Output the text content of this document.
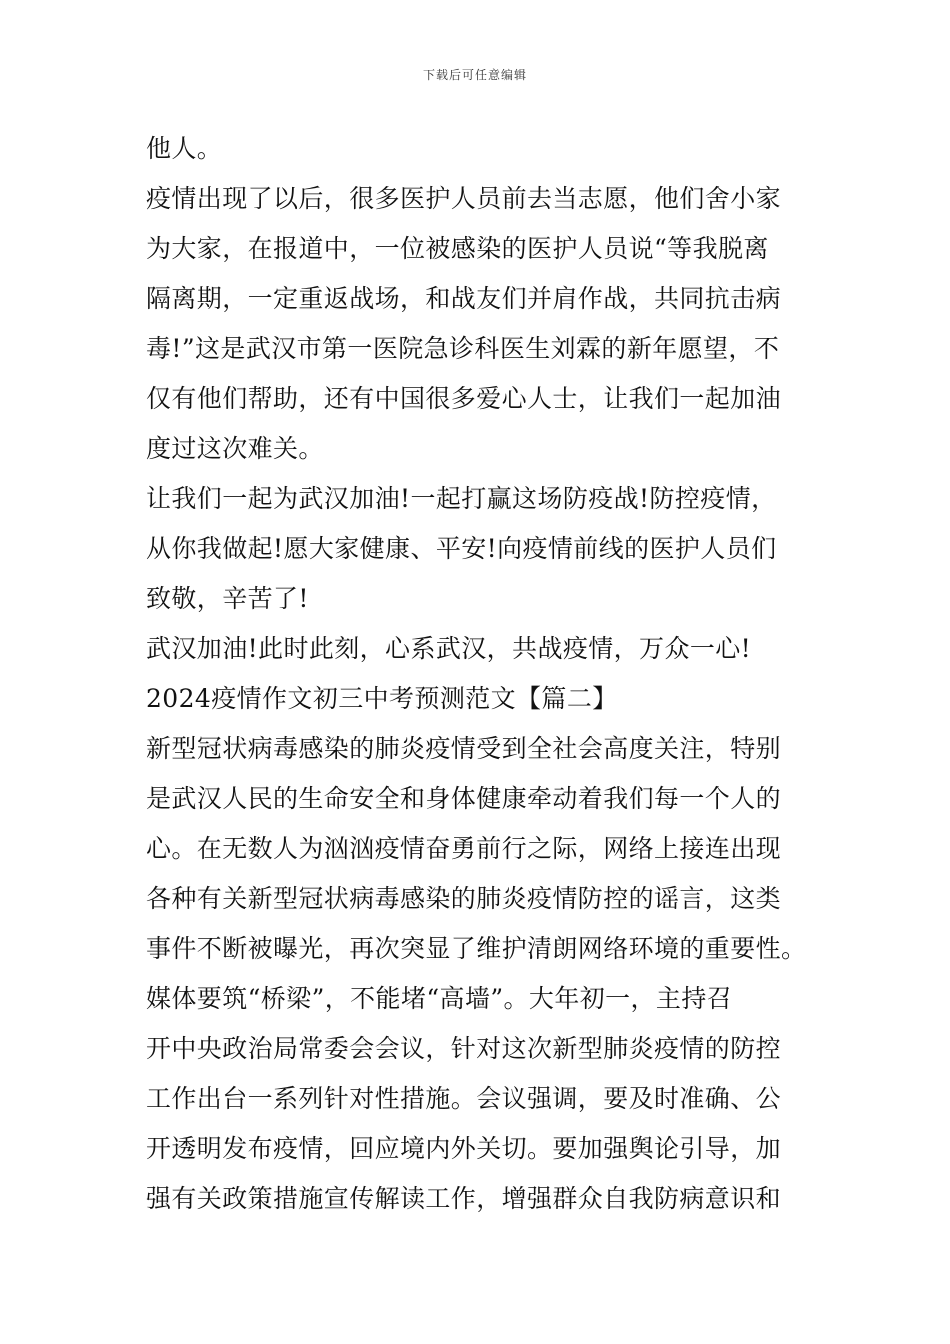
下载后可任意编辑
他人。
疫情出现了以后，很多医护人员前去当志愿，他们舍小家
为大家，在报道中，一位被感染的医护人员说“等我脱离
隔离期，一定重返战场，和战友们并肩作战，共同抗击病
毒!”这是武汉市第一医院急诊科医生刘霖的新年愿望，不
仅有他们帮助，还有中国很多爱心人士，让我们一起加油
度过这次难关。
让我们一起为武汉加油!一起打赢这场防疫战!防控疫情，
从你我做起!愿大家健康、平安!向疫情前线的医护人员们
致敬，辛苦了!
武汉加油!此时此刻，心系武汉，共战疫情，万众一心!
2024疫情作文初三中考预测范文【篇二】
新型冠状病毒感染的肺炎疫情受到全社会高度关注，特别
是武汉人民的生命安全和身体健康牵动着我们每一个人的
心。在无数人为汹汹疫情奋勇前行之际，网络上接连出现
各种有关新型冠状病毒感染的肺炎疫情防控的谣言，这类
事件不断被曝光，再次突显了维护清朗网络环境的重要性。
媒体要筑“桥梁”，不能堵“高墙”。大年初一，主持召
开中央政治局常委会会议，针对这次新型肺炎疫情的防控
工作出台一系列针对性措施。会议强调，要及时准确、公
开透明发布疫情，回应境内外关切。要加强舆论引导，加
强有关政策措施宣传解读工作，增强群众自我防病意识和
